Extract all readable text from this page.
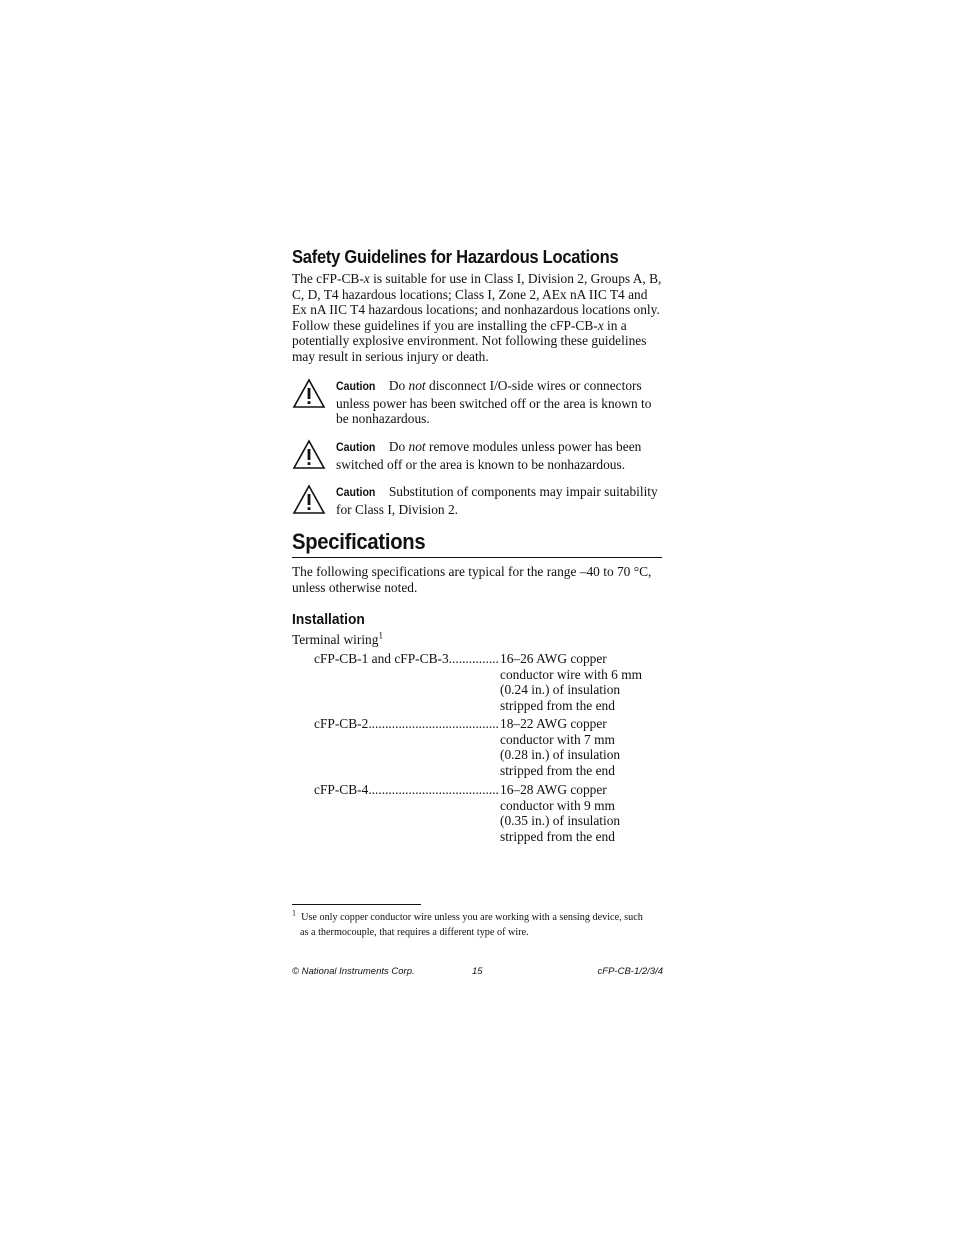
Safety Guidelines for Hazardous Locations

The cFP-CB-x is suitable for use in Class I, Division 2, Groups A, B, C, D, T4 hazardous locations; Class I, Zone 2, AEx nA IIC T4 and Ex nA IIC T4 hazardous locations; and nonhazardous locations only. Follow these guidelines if you are installing the cFP-CB-x in a potentially explosive environment. Not following these guidelines may result in serious injury or death.

Caution Do not disconnect I/O-side wires or connectors unless power has been switched off or the area is known to be nonhazardous.
Caution Do not remove modules unless power has been switched off or the area is known to be nonhazardous.
Caution Substitution of components may impair suitability for Class I, Division 2.
Specifications

The following specifications are typical for the range –40 to 70 °C, unless otherwise noted.

Installation

Terminal wiring$^1$

cFP-CB-1 and cFP-CB-3 .....	16–26 AWG copper
conductor wire with 6 mm
(0.24 in.) of insulation
stripped from the end
cFP-CB-2 .....	18–22 AWG copper
conductor with 7 mm
(0.28 in.) of insulation
stripped from the end
cFP-CB-4 .....	16–28 AWG copper
conductor with 9 mm
(0.35 in.) of insulation
stripped from the end
$^1$ Use only copper conductor wire unless you are working with a sensing device, such
as a thermocouple, that requires a different type of wire.
© National Instruments Corp.	15	cFP-CB-1/2/3/4
